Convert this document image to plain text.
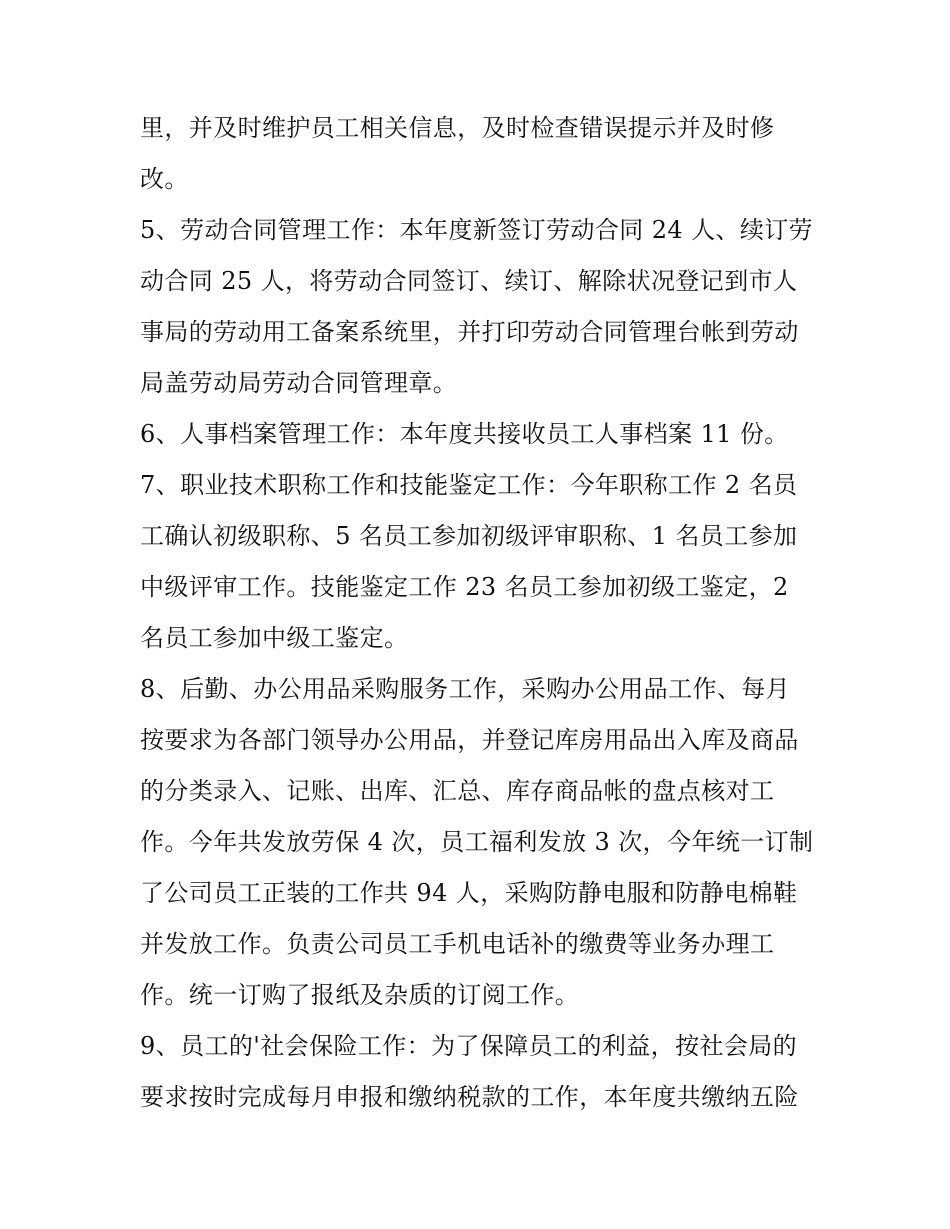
里，并及时维护员工相关信息，及时检查错误提示并及时修
改。
5、劳动合同管理工作：本年度新签订劳动合同 24 人、续订劳
动合同 25 人，将劳动合同签订、续订、解除状况登记到市人
事局的劳动用工备案系统里，并打印劳动合同管理台帐到劳动
局盖劳动局劳动合同管理章。
6、人事档案管理工作：本年度共接收员工人事档案 11 份。
7、职业技术职称工作和技能鉴定工作：今年职称工作 2 名员
工确认初级职称、5 名员工参加初级评审职称、1 名员工参加
中级评审工作。技能鉴定工作 23 名员工参加初级工鉴定，2
名员工参加中级工鉴定。
8、后勤、办公用品采购服务工作，采购办公用品工作、每月
按要求为各部门领导办公用品，并登记库房用品出入库及商品
的分类录入、记账、出库、汇总、库存商品帐的盘点核对工
作。今年共发放劳保 4 次，员工福利发放 3 次，今年统一订制
了公司员工正装的工作共 94 人，采购防静电服和防静电棉鞋
并发放工作。负责公司员工手机电话补的缴费等业务办理工
作。统一订购了报纸及杂质的订阅工作。
9、员工的'社会保险工作：为了保障员工的利益，按社会局的
要求按时完成每月申报和缴纳税款的工作，本年度共缴纳五险
